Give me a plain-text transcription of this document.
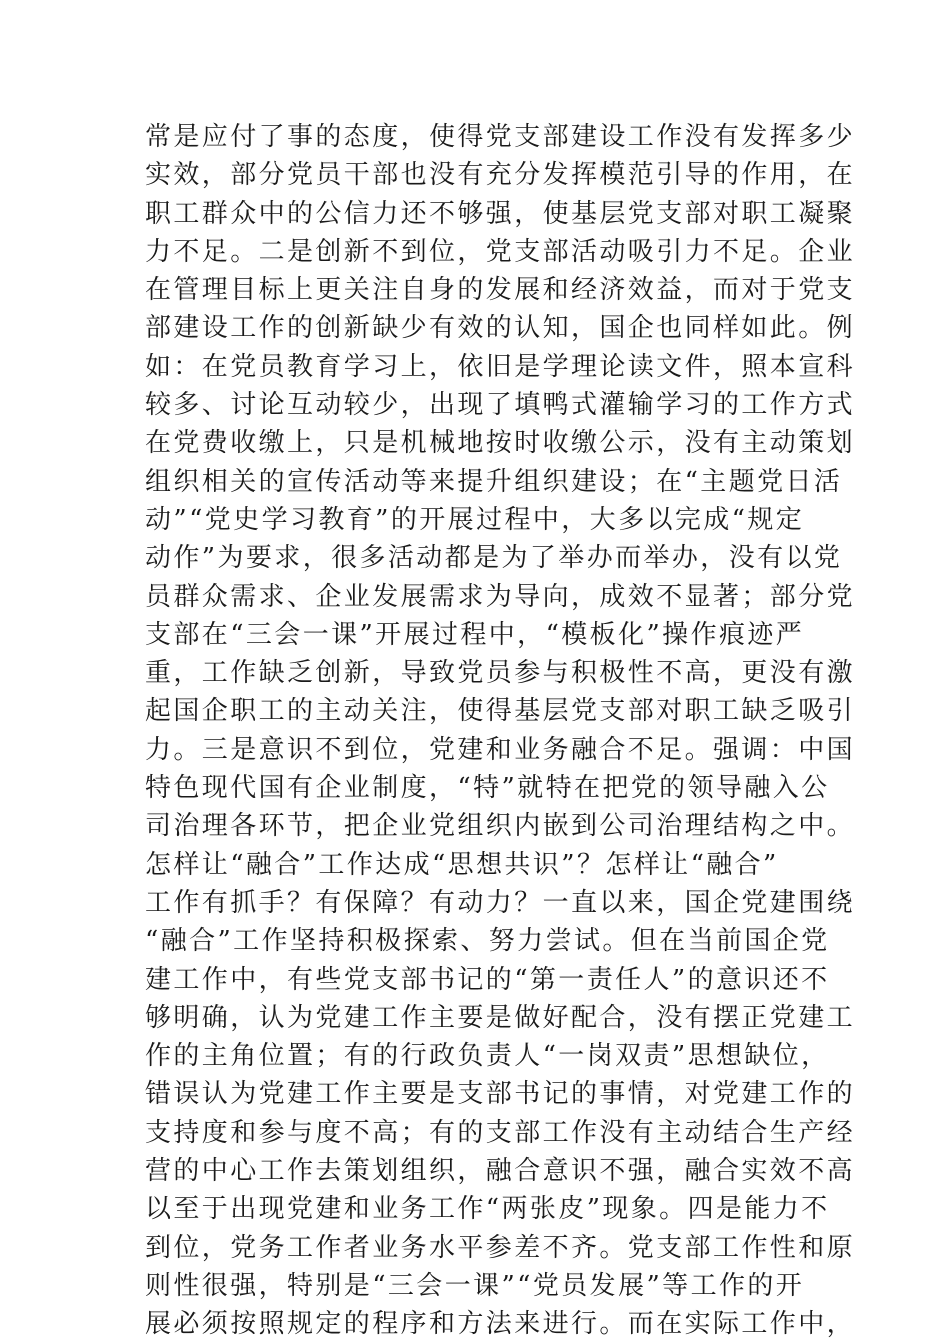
常是应付了事的态度，使得党支部建设工作没有发挥多少
实效，部分党员干部也没有充分发挥模范引导的作用，在
职工群众中的公信力还不够强，使基层党支部对职工凝聚
力不足。二是创新不到位，党支部活动吸引力不足。企业
在管理目标上更关注自身的发展和经济效益，而对于党支
部建设工作的创新缺少有效的认知，国企也同样如此。例
如：在党员教育学习上，依旧是学理论读文件，照本宣科
较多、讨论互动较少，出现了填鸭式灌输学习的工作方式
在党费收缴上，只是机械地按时收缴公示，没有主动策划
组织相关的宣传活动等来提升组织建设；在“主题党日活
动”“党史学习教育”的开展过程中，大多以完成“规定
动作”为要求，很多活动都是为了举办而举办，没有以党
员群众需求、企业发展需求为导向，成效不显著；部分党
支部在“三会一课”开展过程中，“模板化”操作痕迹严
重，工作缺乏创新，导致党员参与积极性不高，更没有激
起国企职工的主动关注，使得基层党支部对职工缺乏吸引
力。三是意识不到位，党建和业务融合不足。强调：中国
特色现代国有企业制度，“特”就特在把党的领导融入公
司治理各环节，把企业党组织内嵌到公司治理结构之中。
怎样让“融合”工作达成“思想共识”？怎样让“融合”
工作有抓手？有保障？有动力？一直以来，国企党建围绕
“融合”工作坚持积极探索、努力尝试。但在当前国企党
建工作中，有些党支部书记的“第一责任人”的意识还不
够明确，认为党建工作主要是做好配合，没有摆正党建工
作的主角位置；有的行政负责人“一岗双责”思想缺位，
错误认为党建工作主要是支部书记的事情，对党建工作的
支持度和参与度不高；有的支部工作没有主动结合生产经
营的中心工作去策划组织，融合意识不强，融合实效不高
以至于出现党建和业务工作“两张皮”现象。四是能力不
到位，党务工作者业务水平参差不齐。党支部工作性和原
则性很强，特别是“三会一课”“党员发展”等工作的开
展必须按照规定的程序和方法来进行。而在实际工作中，
